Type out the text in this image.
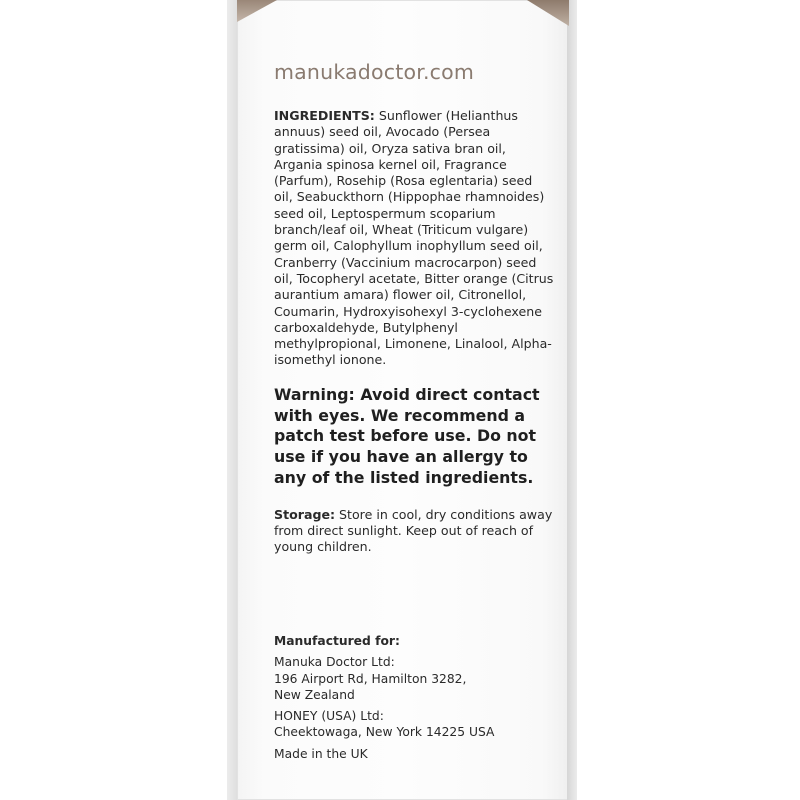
manukadoctor.com

INGREDIENTS: Sunflower (Helianthus annuus) seed oil, Avocado (Persea gratissima) oil, Oryza sativa bran oil, Argania spinosa kernel oil, Fragrance (Parfum), Rosehip (Rosa eglentaria) seed oil, Seabuckthorn (Hippophae rhamnoides) seed oil, Leptospermum scoparium branch/leaf oil, Wheat (Triticum vulgare) germ oil, Calophyllum inophyllum seed oil, Cranberry (Vaccinium macrocarpon) seed oil, Tocopheryl acetate, Bitter orange (Citrus aurantium amara) flower oil, Citronellol, Coumarin, Hydroxyisohexyl 3-cyclohexene carboxaldehyde, Butylphenyl methylpropional, Limonene, Linalool, Alpha-isomethyl ionone.

Warning: Avoid direct contact with eyes. We recommend a patch test before use. Do not use if you have an allergy to any of the listed ingredients.

Storage: Store in cool, dry conditions away from direct sunlight. Keep out of reach of young children.

Manufactured for:
Manuka Doctor Ltd:
196 Airport Rd, Hamilton 3282,
New Zealand
HONEY (USA) Ltd:
Cheektowaga, New York 14225 USA
Made in the UK
